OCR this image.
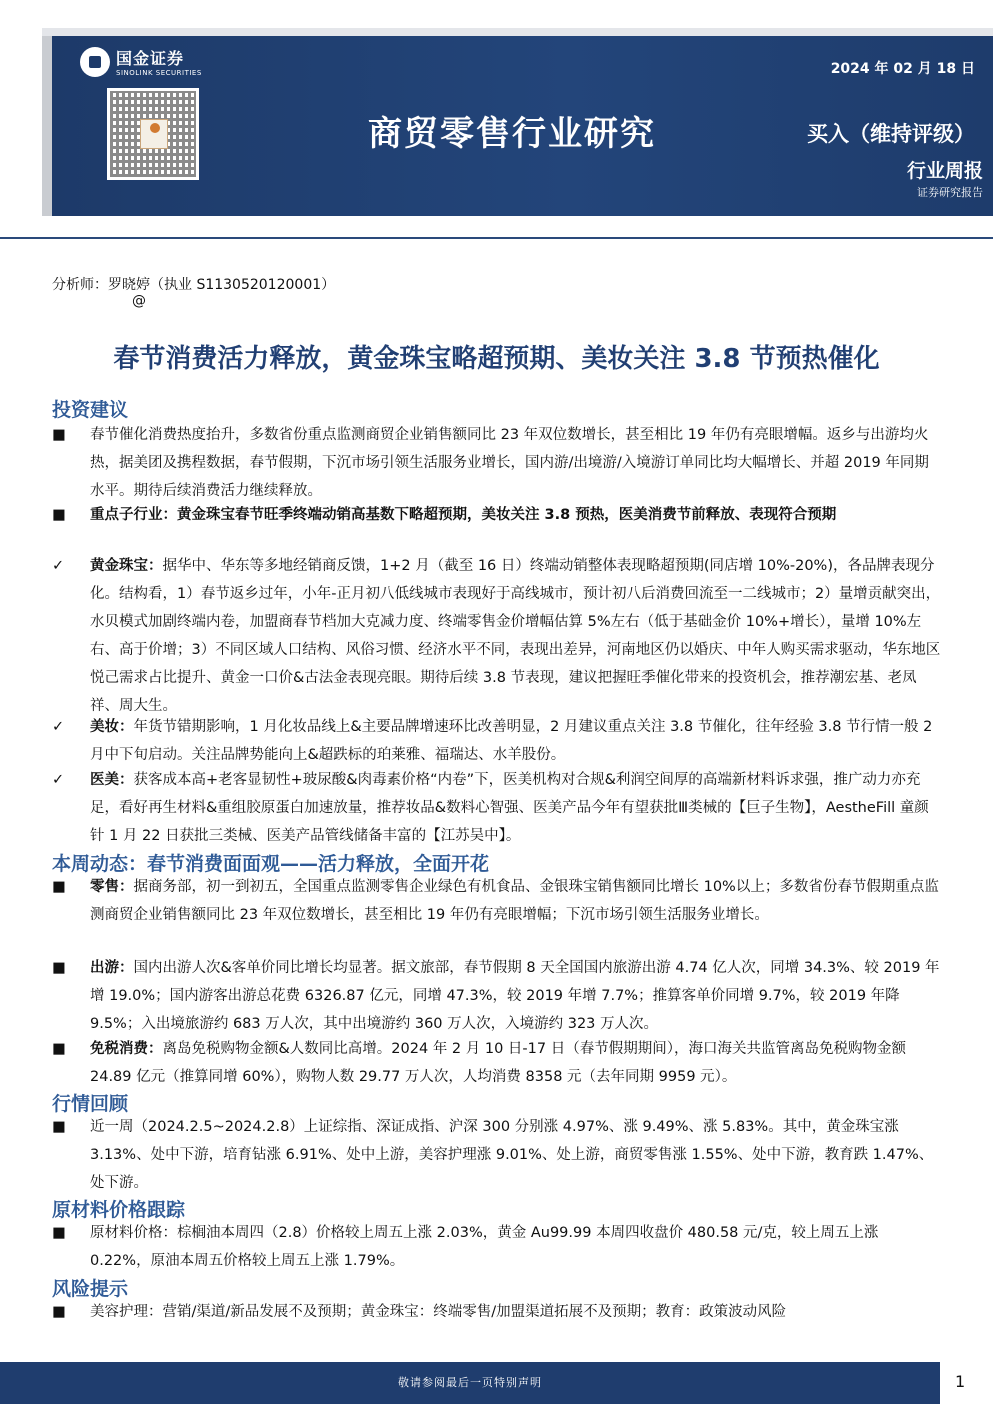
国金证券
SINOLINK SECURITIES	2024 年 02 月 18 日
商贸零售行业研究	买入（维持评级）
行业周报
证券研究报告
分析师：罗晓婷（执业 S1130520120001）
@
春节消费活力释放，黄金珠宝略超预期、美妆关注 3.8 节预热催化
投资建议
■	春节催化消费热度抬升，多数省份重点监测商贸企业销售额同比 23 年双位数增长，甚至相比 19 年仍有亮眼增幅。返乡与出游均火热，据美团及携程数据，春节假期，下沉市场引领生活服务业增长，国内游/出境游/入境游订单同比均大幅增长、并超 2019 年同期水平。期待后续消费活力继续释放。
■	重点子行业：黄金珠宝春节旺季终端动销高基数下略超预期，美妆关注 3.8 预热，医美消费节前释放、表现符合预期
✓	黄金珠宝：据华中、华东等多地经销商反馈，1+2 月（截至 16 日）终端动销整体表现略超预期(同店增 10%-20%)，各品牌表现分化。结构看，1）春节返乡过年，小年-正月初八低线城市表现好于高线城市，预计初八后消费回流至一二线城市；2）量增贡献突出，水贝模式加剧终端内卷，加盟商春节档加大克减力度、终端零售金价增幅估算 5%左右（低于基础金价 10%+增长），量增 10%左右、高于价增；3）不同区域人口结构、风俗习惯、经济水平不同，表现出差异，河南地区仍以婚庆、中年人购买需求驱动，华东地区悦己需求占比提升、黄金一口价&古法金表现亮眼。期待后续 3.8 节表现，建议把握旺季催化带来的投资机会，推荐潮宏基、老凤祥、周大生。
✓	美妆：年货节错期影响，1 月化妆品线上&主要品牌增速环比改善明显，2 月建议重点关注 3.8 节催化，往年经验 3.8 节行情一般 2 月中下旬启动。关注品牌势能向上&超跌标的珀莱雅、福瑞达、水羊股份。
✓	医美：获客成本高+老客显韧性+玻尿酸&肉毒素价格“内卷”下，医美机构对合规&利润空间厚的高端新材料诉求强，推广动力亦充足，看好再生材料&重组胶原蛋白加速放量，推荐妆品&数料心智强、医美产品今年有望获批Ⅲ类械的【巨子生物】，AestheFill 童颜针 1 月 22 日获批三类械、医美产品管线储备丰富的【江苏吴中】。
本周动态：春节消费面面观——活力释放，全面开花
■	零售：据商务部，初一到初五，全国重点监测零售企业绿色有机食品、金银珠宝销售额同比增长 10%以上；多数省份春节假期重点监测商贸企业销售额同比 23 年双位数增长，甚至相比 19 年仍有亮眼增幅；下沉市场引领生活服务业增长。
■	出游：国内出游人次&客单价同比增长均显著。据文旅部，春节假期 8 天全国国内旅游出游 4.74 亿人次，同增 34.3%、较 2019 年增 19.0%；国内游客出游总花费 6326.87 亿元，同增 47.3%，较 2019 年增 7.7%；推算客单价同增 9.7%，较 2019 年降 9.5%；入出境旅游约 683 万人次，其中出境游约 360 万人次，入境游约 323 万人次。
■	免税消费：离岛免税购物金额&人数同比高增。2024 年 2 月 10 日-17 日（春节假期期间），海口海关共监管离岛免税购物金额 24.89 亿元（推算同增 60%），购物人数 29.77 万人次，人均消费 8358 元（去年同期 9959 元）。
行情回顾
■	近一周（2024.2.5~2024.2.8）上证综指、深证成指、沪深 300 分别涨 4.97%、涨 9.49%、涨 5.83%。其中，黄金珠宝涨 3.13%、处中下游，培育钻涨 6.91%、处中上游，美容护理涨 9.01%、处上游，商贸零售涨 1.55%、处中下游，教育跌 1.47%、处下游。
原材料价格跟踪
■	原材料价格：棕榈油本周四（2.8）价格较上周五上涨 2.03%，黄金 Au99.99 本周四收盘价 480.58 元/克，较上周五上涨 0.22%，原油本周五价格较上周五上涨 1.79%。
风险提示
■	美容护理：营销/渠道/新品发展不及预期；黄金珠宝：终端零售/加盟渠道拓展不及预期；教育：政策波动风险
敬请参阅最后一页特别声明	1
